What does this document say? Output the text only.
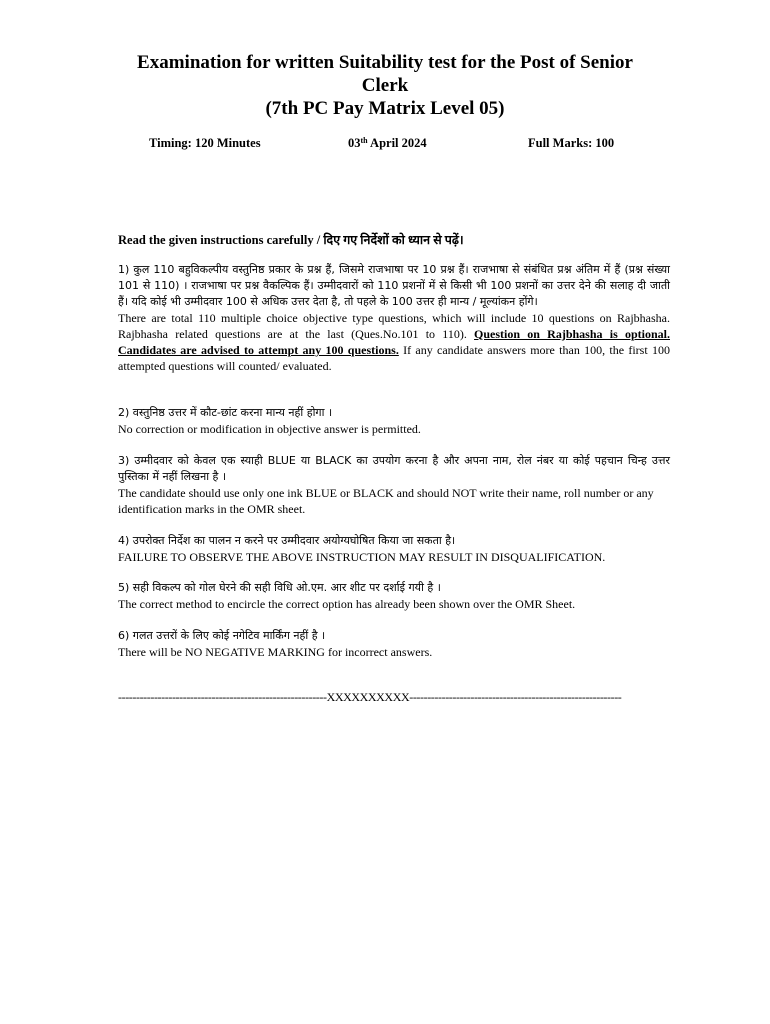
Examination for written Suitability test for the Post of Senior
Clerk
(7th PC Pay Matrix Level 05)
Timing: 120 Minutes	03th April 2024	Full Marks: 100
Read the given instructions carefully / दिए गए निर्देशों को ध्यान से पढ़ें।
1) कुल 110 बहुविकल्पीय वस्तुनिष्ठ प्रकार के प्रश्न हैं, जिसमे राजभाषा पर 10 प्रश्न हैं। राजभाषा से संबंधित प्रश्न अंतिम में हैं (प्रश्न संख्या 101 से 110) । राजभाषा पर प्रश्न वैकल्पिक हैं। उम्मीदवारों को 110 प्रशनों में से किसी भी 100 प्रशनों का उत्तर देने की सलाह दी जाती हैं। यदि कोई भी उम्मीदवार 100 से अधिक उत्तर देता है, तो पहले के 100 उत्तर ही मान्य / मूल्यांकन होंगे।
There are total 110 multiple choice objective type questions, which will include 10 questions on Rajbhasha. Rajbhasha related questions are at the last (Ques.No.101 to 110). Question on Rajbhasha is optional. Candidates are advised to attempt any 100 questions. If any candidate answers more than 100, the first 100 attempted questions will counted/ evaluated.
2) वस्तुनिष्ठ उत्तर में कौट-छांट करना मान्य नहीं होगा ।
No correction or modification in objective answer is permitted.
3) उम्मीदवार को केवल एक स्याही BLUE या BLACK का उपयोग करना है और अपना नाम, रोल नंबर या कोई पहचान चिन्ह उत्तर पुस्तिका में नहीं लिखना है ।
The candidate should use only one ink BLUE or BLACK and should NOT write their name, roll number or any identification marks in the OMR sheet.
4) उपरोक्त निर्देश का पालन न करने पर उम्मीदवार अयोग्यघोषित किया जा सकता है।
FAILURE TO OBSERVE THE ABOVE INSTRUCTION MAY RESULT IN DISQUALIFICATION.
5) सही विकल्प को गोल घेरने की सही विधि ओ.एम. आर शीट पर दर्शाई गयी है ।
The correct method to encircle the correct option has already been shown over the OMR Sheet.
6) गलत उत्तरों के लिए कोई नगेटिव मार्किंग नहीं है ।
There will be NO NEGATIVE MARKING for incorrect answers.
----------------------------------------------------------XXXXXXXXXX-----------------------------------------------------------
